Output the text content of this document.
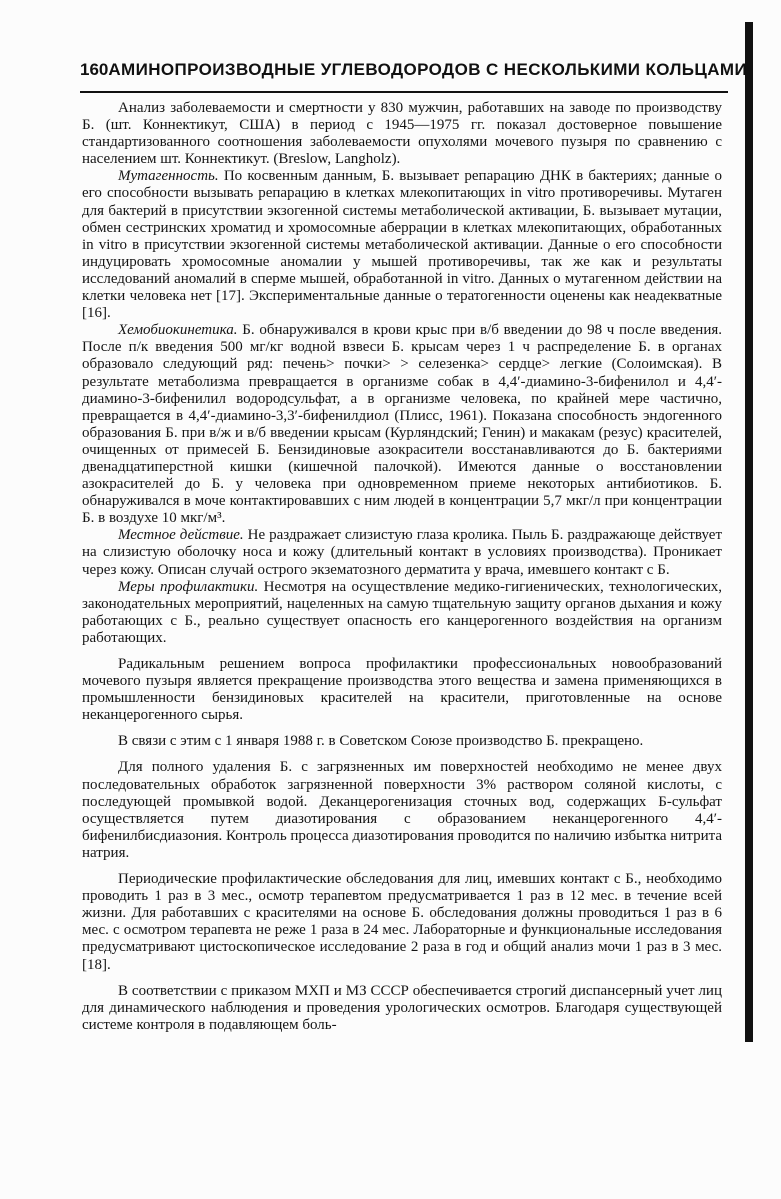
160 АМИНОПРОИЗВОДНЫЕ УГЛЕВОДОРОДОВ С НЕСКОЛЬКИМИ КОЛЬЦАМИ

Анализ заболеваемости и смертности у 830 мужчин, работавших на заводе по производству Б. (шт. Коннектикут, США) в период с 1945—1975 гг. показал достоверное повышение стандартизованного соотношения заболеваемости опухолями мочевого пузыря по сравнению с населением шт. Коннектикут. (Breslow, Langholz).

Мутагенность. По косвенным данным, Б. вызывает репарацию ДНК в бактериях; данные о его способности вызывать репарацию в клетках млекопитающих in vitro противоречивы. Мутаген для бактерий в присутствии экзогенной системы метаболической активации, Б. вызывает мутации, обмен сестринских хроматид и хромосомные аберрации в клетках млекопитающих, обработанных in vitro в присутствии экзогенной системы метаболической активации. Данные о его способности индуцировать хромосомные аномалии у мышей противоречивы, так же как и результаты исследований аномалий в сперме мышей, обработанной in vitro. Данных о мутагенном действии на клетки человека нет [17]. Экспериментальные данные о тератогенности оценены как неадекватные [16].

Хемобиокинетика. Б. обнаруживался в крови крыс при в/б введении до 98 ч после введения. После п/к введения 500 мг/кг водной взвеси Б. крысам через 1 ч распределение Б. в органах образовало следующий ряд: печень> почки> > селезенка> сердце> легкие (Солоимская). В результате метаболизма превращается в организме собак в 4,4′-диамино-3-бифенилол и 4,4′-диамино-3-бифенилил водородсульфат, а в организме человека, по крайней мере частично, превращается в 4,4′-диамино-3,3′-бифенилдиол (Плисс, 1961). Показана способность эндогенного образования Б. при в/ж и в/б введении крысам (Курляндский; Генин) и макакам (резус) красителей, очищенных от примесей Б. Бензидиновые азокрасители восстанавливаются до Б. бактериями двенадцатиперстной кишки (кишечной палочкой). Имеются данные о восстановлении азокрасителей до Б. у человека при одновременном приеме некоторых антибиотиков. Б. обнаруживался в моче контактировавших с ним людей в концентрации 5,7 мкг/л при концентрации Б. в воздухе 10 мкг/м³.

Местное действие. Не раздражает слизистую глаза кролика. Пыль Б. раздражающе действует на слизистую оболочку носа и кожу (длительный контакт в условиях производства). Проникает через кожу. Описан случай острого экзематозного дерматита у врача, имевшего контакт с Б.

Меры профилактики. Несмотря на осуществление медико-гигиенических, технологических, законодательных мероприятий, нацеленных на самую тщательную защиту органов дыхания и кожу работающих с Б., реально существует опасность его канцерогенного воздействия на организм работающих.

Радикальным решением вопроса профилактики профессиональных новообразований мочевого пузыря является прекращение производства этого вещества и замена применяющихся в промышленности бензидиновых красителей на красители, приготовленные на основе неканцерогенного сырья.

В связи с этим с 1 января 1988 г. в Советском Союзе производство Б. прекращено.

Для полного удаления Б. с загрязненных им поверхностей необходимо не менее двух последовательных обработок загрязненной поверхности 3% раствором соляной кислоты, с последующей промывкой водой. Деканцерогенизация сточных вод, содержащих Б-сульфат осуществляется путем диазотирования с образованием неканцерогенного 4,4′-бифенилбисдиазония. Контроль процесса диазотирования проводится по наличию избытка нитрита натрия.

Периодические профилактические обследования для лиц, имевших контакт с Б., необходимо проводить 1 раз в 3 мес., осмотр терапевтом предусматривается 1 раз в 12 мес. в течение всей жизни. Для работавших с красителями на основе Б. обследования должны проводиться 1 раз в 6 мес. с осмотром терапевта не реже 1 раза в 24 мес. Лабораторные и функциональные исследования предусматривают цистоскопическое исследование 2 раза в год и общий анализ мочи 1 раз в 3 мес. [18].

В соответствии с приказом МХП и МЗ СССР обеспечивается строгий диспансерный учет лиц для динамического наблюдения и проведения урологических осмотров. Благодаря существующей системе контроля в подавляющем боль-
